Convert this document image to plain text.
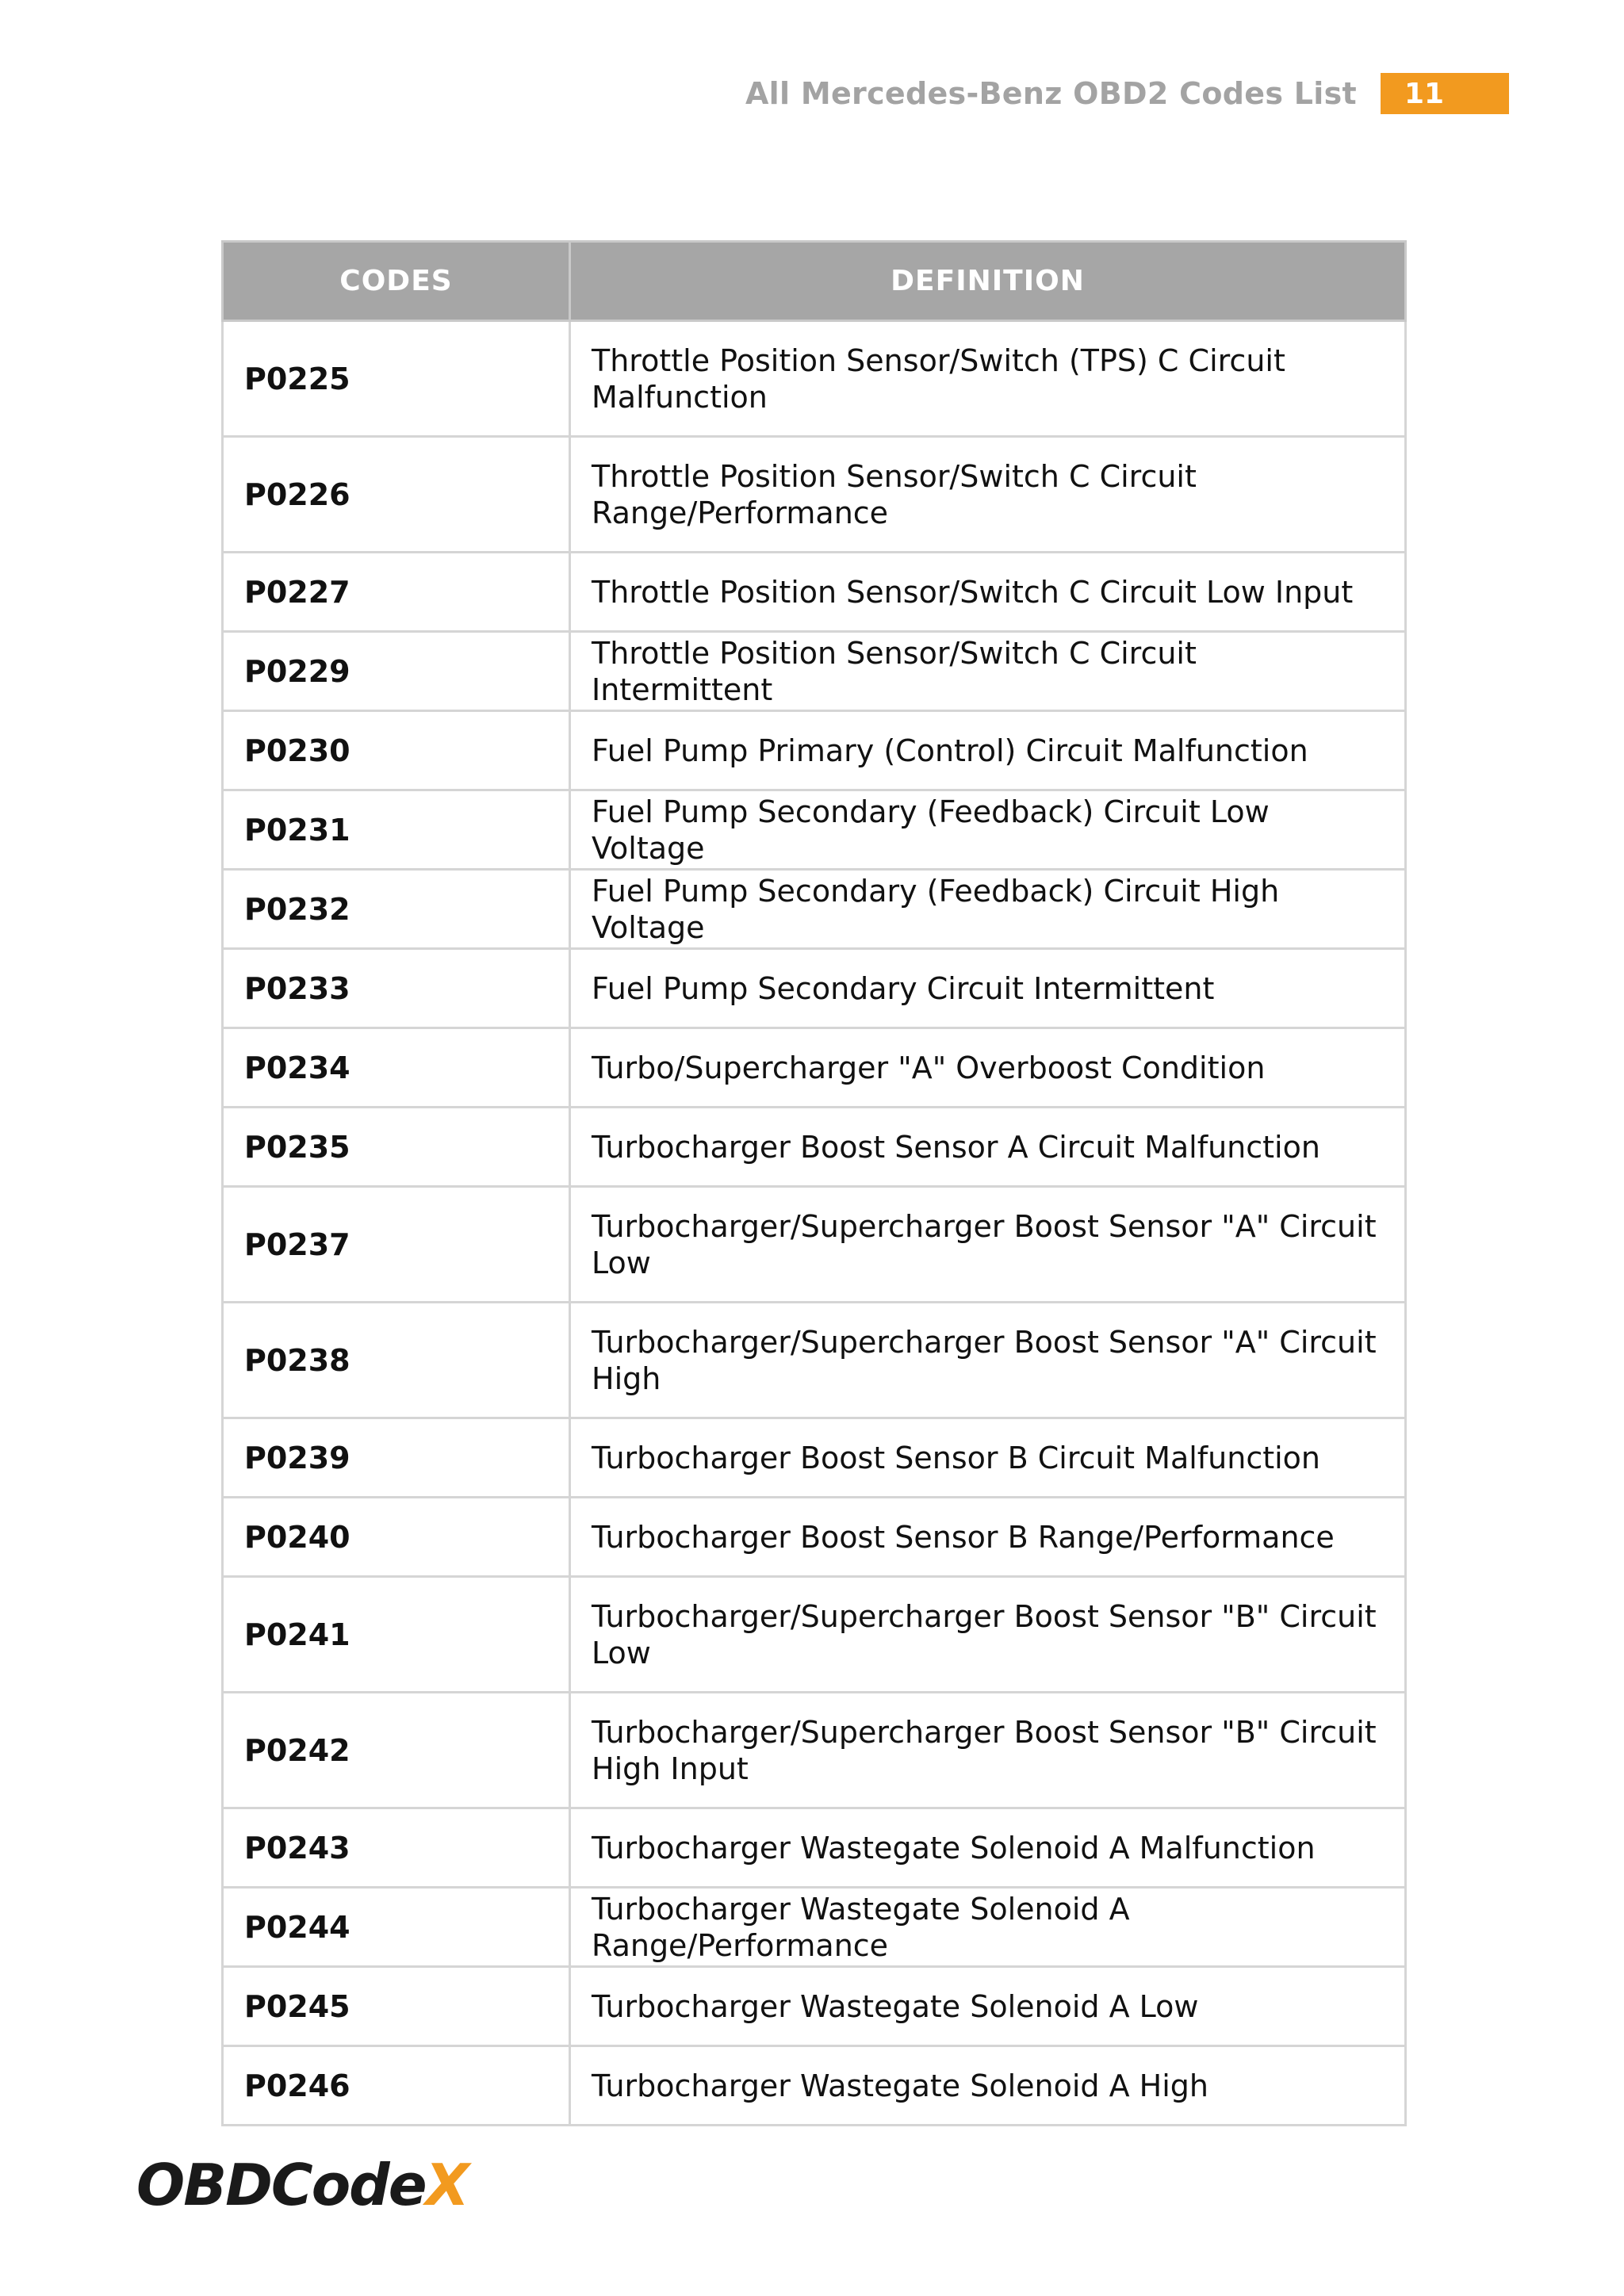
All Mercedes-Benz OBD2 Codes List	11
CODES	DEFINITION
P0225	Throttle Position Sensor/Switch (TPS) C Circuit Malfunction
P0226	Throttle Position Sensor/Switch C Circuit Range/Performance
P0227	Throttle Position Sensor/Switch C Circuit Low Input
P0229	Throttle Position Sensor/Switch C Circuit Intermittent
P0230	Fuel Pump Primary (Control) Circuit Malfunction
P0231	Fuel Pump Secondary (Feedback) Circuit Low Voltage
P0232	Fuel Pump Secondary (Feedback) Circuit High Voltage
P0233	Fuel Pump Secondary Circuit Intermittent
P0234	Turbo/Supercharger "A" Overboost Condition
P0235	Turbocharger Boost Sensor A Circuit Malfunction
P0237	Turbocharger/Supercharger Boost Sensor "A" Circuit Low
P0238	Turbocharger/Supercharger Boost Sensor "A" Circuit High
P0239	Turbocharger Boost Sensor B Circuit Malfunction
P0240	Turbocharger Boost Sensor B Range/Performance
P0241	Turbocharger/Supercharger Boost Sensor "B" Circuit Low
P0242	Turbocharger/Supercharger Boost Sensor "B" Circuit High Input
P0243	Turbocharger Wastegate Solenoid A Malfunction
P0244	Turbocharger Wastegate Solenoid A Range/Performance
P0245	Turbocharger Wastegate Solenoid A Low
P0246	Turbocharger Wastegate Solenoid A High
OBDCodeX
